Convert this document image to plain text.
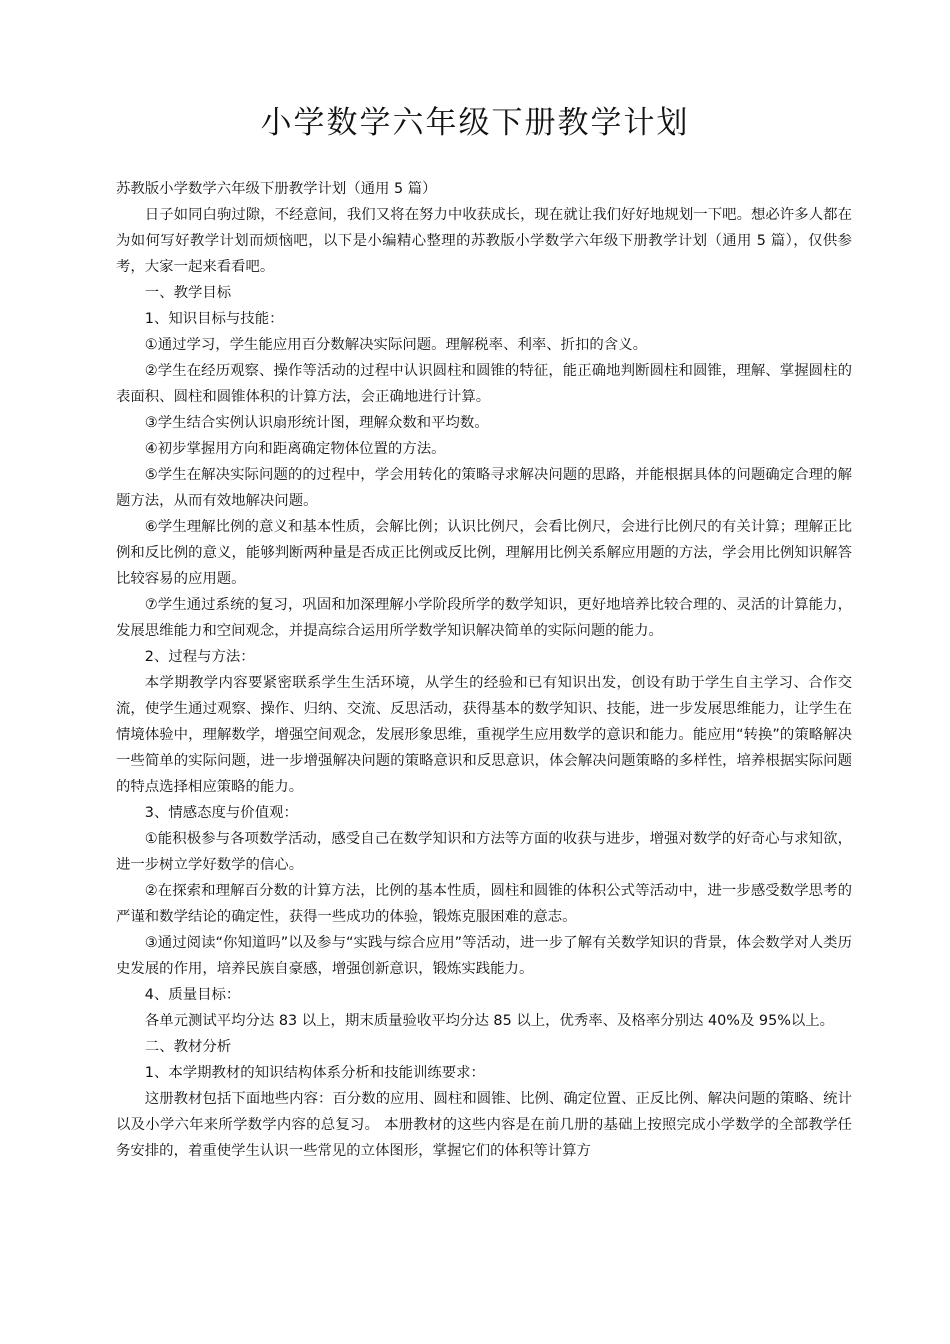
小学数学六年级下册教学计划

苏教版小学数学六年级下册教学计划（通用 5 篇）

日子如同白驹过隙，不经意间，我们又将在努力中收获成长，现在就让我们好好地规划一下吧。想必许多人都在为如何写好教学计划而烦恼吧，以下是小编精心整理的苏教版小学数学六年级下册教学计划（通用 5 篇），仅供参考，大家一起来看看吧。

一、教学目标

1、知识目标与技能：

①通过学习，学生能应用百分数解决实际问题。理解税率、利率、折扣的含义。

②学生在经历观察、操作等活动的过程中认识圆柱和圆锥的特征，能正确地判断圆柱和圆锥，理解、掌握圆柱的表面积、圆柱和圆锥体积的计算方法，会正确地进行计算。

③学生结合实例认识扇形统计图，理解众数和平均数。

④初步掌握用方向和距离确定物体位置的方法。

⑤学生在解决实际问题的的过程中，学会用转化的策略寻求解决问题的思路，并能根据具体的问题确定合理的解题方法，从而有效地解决问题。

⑥学生理解比例的意义和基本性质，会解比例；认识比例尺，会看比例尺，会进行比例尺的有关计算；理解正比例和反比例的意义，能够判断两种量是否成正比例或反比例，理解用比例关系解应用题的方法，学会用比例知识解答比较容易的应用题。

⑦学生通过系统的复习，巩固和加深理解小学阶段所学的数学知识，更好地培养比较合理的、灵活的计算能力，发展思维能力和空间观念，并提高综合运用所学数学知识解决简单的实际问题的能力。

2、过程与方法：

本学期教学内容要紧密联系学生生活环境，从学生的经验和已有知识出发，创设有助于学生自主学习、合作交流，使学生通过观察、操作、归纳、交流、反思活动，获得基本的数学知识、技能，进一步发展思维能力，让学生在情境体验中，理解数学，增强空间观念，发展形象思维，重视学生应用数学的意识和能力。能应用“转换”的策略解决一些简单的实际问题，进一步增强解决问题的策略意识和反思意识，体会解决问题策略的多样性，培养根据实际问题的特点选择相应策略的能力。

3、情感态度与价值观：

①能积极参与各项数学活动，感受自己在数学知识和方法等方面的收获与进步，增强对数学的好奇心与求知欲，进一步树立学好数学的信心。

②在探索和理解百分数的计算方法，比例的基本性质，圆柱和圆锥的体积公式等活动中，进一步感受数学思考的严谨和数学结论的确定性，获得一些成功的体验，锻炼克服困难的意志。

③通过阅读“你知道吗”以及参与“实践与综合应用”等活动，进一步了解有关数学知识的背景，体会数学对人类历史发展的作用，培养民族自豪感，增强创新意识，锻炼实践能力。

4、质量目标：

各单元测试平均分达 83 以上，期末质量验收平均分达 85 以上，优秀率、及格率分别达 40%及 95%以上。

二、教材分析

1、本学期教材的知识结构体系分析和技能训练要求：

这册教材包括下面地些内容：百分数的应用、圆柱和圆锥、比例、确定位置、正反比例、解决问题的策略、统计以及小学六年来所学数学内容的总复习。 本册教材的这些内容是在前几册的基础上按照完成小学数学的全部教学任务安排的，着重使学生认识一些常见的立体图形，掌握它们的体积等计算方
